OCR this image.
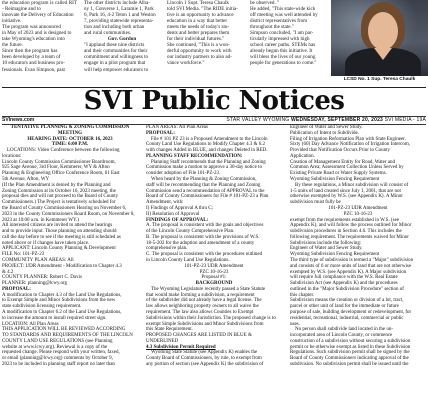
the education program is called RIT - Reimagine and to
innovate the Delivery of Education
initiative.
The program was announced
in May of 2023 and is designed to
take Wyoming's education into
the future.
Since then the program has
been developed by a team of
10 educators and business pro-
fessionals. Evan Simpson, past
The other districts include Alba-
ny 1, Converse 1, Laramie 1, Park
6, Park 16, 4-2 Teton 1 and Weston
7, providing statewide representa-
tion and including both urban
and rural communities.
Gov. Gordon
"I applaud these nine districts
and their communities for their
commitment and willingness to
engage in a pilot program that
will help empower educators to
Lincoln 1 Supt. Teresa Chaulk
told SVI Media. "The RIDE initia-
tive is an opportunity to advance
education in a way that better
meets the needs of today's stu-
dents and better prepares them
for their individual futures."
She continued, "This is a won-
derful opportunity to work with
our industry partners to also ad-
vance workforce."
be observed. "
He added, "This state-wide kick
off meeting was well attended by
district representatives from
throughout the state."
Simpson concluded, "I am par-
ticularly impressed with high
school career paths. STEMs has
already begun this initiative. It
will bless the lives of our young
people for generations to come."
LCSD No. 1 Sup. Teresa Chaulk
SVI Public Notices
SVInews.com	STAR VALLEY WYOMING WEDNESDAY, SEPTEMBER 20, 2023 SVI MEDIA - 19A

TENTATIVE PLANNING & ZONING COMMISSION

MEETING

HEARING DATE: OCTOBER 16, 2023

TIME: 6:00 P.M.

LOCATIONS: Video Conference between the following

locations:

Lincoln County Commission Commissioner Boardroom,

925 Sage Avenue, 3rd Floor, Kemmerer, WY & Afton

Planning & Engineering Office Conference Room, 61 East

5th Avenue, Afton, WY

(If the Plan Amendment is denied by the Planning and

Zoning Commission at its October 16, 2023 meeting, the

proposal dies and will not proceed to the Board of County

Commissioners.) The Project is tentatively scheduled for

the Board of County Commissioners Hearing on November 6,

2023 in the County Commissioners Board Room, on November 8,

2023 at 10:00 a.m. in Kemmerer WY.)

All interested citizens are invited to attend the hearings

and to provide input. Those planning on attending should

call the day before to see if the meeting is still scheduled as

noted above or if changes have taken place.

APPLICANT: Lincoln County Planning & Development

FILE No: 101-PZ-23

COMMUNITY PLAN AREAS: All

PROJECT: UDR Amendment - Modification to Chapter 4.3

& 4.2

COUNTY PLANNER: Robert C. Davis

PLANNER: planning@lcwy.org

PROPOSAL:

A modification to Chapter 4.3 of the Land Use Regulations,

to Exempt Simple and Minor Subdivisions from the new

state subdivision licensing requirement.

A modification to Chapter 6.2 of the Land Use Regulations,

to increase the amount to install required street sign.

LOCATION: All Plan Areas

THIS APPLICATION WILL BE REVIEWED ACCORDING

TO STANDARDS AND REQUIREMENTS OF THE LINCOLN

COUNTY LAND USE REGULATIONS (see Planning

website at www.lcwy.org). Reviewal is a copy of the

requested change. Please respond with your written, faxed,

or email (planning@lcwy.org) comments by October 9,

2023 to be included in planning staff report no later than

PLAN AREAS: All Plan Areas

PROPOSAL:

File # 101 PZ 23 is a Proposed Amendment to the Lincoln

County Land Use Regulations to Modify Chapter 4.3 & 6.2

with changes Added in BLUE, and changes Deleted in RED.

PLANNING STAFF RECOMMENDATION:

Planning Staff recommends that the Planning and Zoning

Commission make a motion to approve a 30-day notice to

consider adoption of File 101-PZ-23.

When heard by the Planning & Zoning Commission,

staff will be recommending that the Planning and Zoning

Commission send a recommendation of APPROVAL to the

Board of County Commissioners for File # 101-PZ-23 a Plan

Amendment, with:

I) Findings of Approval A thru C;

II) Resolution of Approval

FINDINGS OF APPROVAL:

A. The proposal is consistent with the goals and objectives

of the Lincoln County Comprehensive Plan.

B. The proposal is consistent with the provisions of W.S.

18-5-202 for the adoption and amendment of a county

comprehensive plan.

C. The proposal is consistent with the procedures outlined

in Lincoln County Land Use Regulations.

101-PZ-23 UDR Amendment

PZC 10-16-23

Proposal #1:

BACKGROUND

The Wyoming Legislature recently passed a State Statute

that would make forming a subdivision, a requirement

of the subdivider did not already have a legal license. The

law allows neighboring property owners to all waive the

requirement. The law also allows Counties to Exempt

Subdivisions within their Jurisdiction. The proposed change is to

exempt Simple Subdivisions and Minor Subdivisions from

this State Requirement.

PROPOSED CHANGES ARE LISTED IN BLUE &

UNDERLINED

4.3 Subdivision Permit Required

Wyoming State Statute (see Appendix K) enables the

County Board of Commissioners, by rule, to exempt from

any portion of section (see Appendix K) the subdivision of

Engineer of Water and Sewer Study.

Publication of Intent to Subdivide.

Filing of Irrigation Reformation Plan with State Engineer.

Sixty (60) Day Advance Notification of Irrigation Intercom,

Provided that Notification Occurs Prior to County

Application.

Creation of Management Entity for Road, Water and

Common Area; Assessment Collection Unless Served by

Existing Private Road or Water Supply Systems.

Wyoming Subdivision Fencing Requirement

By these regulations, a Minor subdivision will consist of

1-5 units of land created since July 1, 2001, that are not

otherwise exempted by W.S. (see Appendix K). A Minor

subdivision must fully be

101-PZ-23 UDR Amendment

PZC 10-16-23

exempt from the requirements established in W.S. (see

Appendix K), and will follow the process outlined for Minor

subdivision procedures in Section 4.6. This includes the

following requirement. The requirements waived for Minor

Subdivisions include the following:

Engineer of Water and Sewer Study.

Wyoming Subdivision Fencing Requirement

The third type of subdivision is termed a "Major" subdivision

and consists of 6 or more units of land that are not otherwise

exempted by W.S. (see Appendix K). A Major subdivision

will require full compliance with the W.S. Real Estate

Subdivision Act (see Appendix K) and the procedures

outlined in the "Major Subdivision Procedure" section of

this chapter.

Subdivision means the creation or division of a lot, tract,

parcel or other unit of land for the immediate or future

purpose of sale, building development or redevelopment, for

residential, recreational, industrial, commercial or public

uses.

No person shall subdivide land located in the un-

incorporated area of Lincoln County, or commence

construction of a subdivision without securing a subdivision

permit or be otherwise exempt as listed in these Subdivision

Regulations. Such subdivision permit shall be signed by the

Board of County Commissioners indicating approval of the

subdivision. No subdivision permit shall be issued until the
